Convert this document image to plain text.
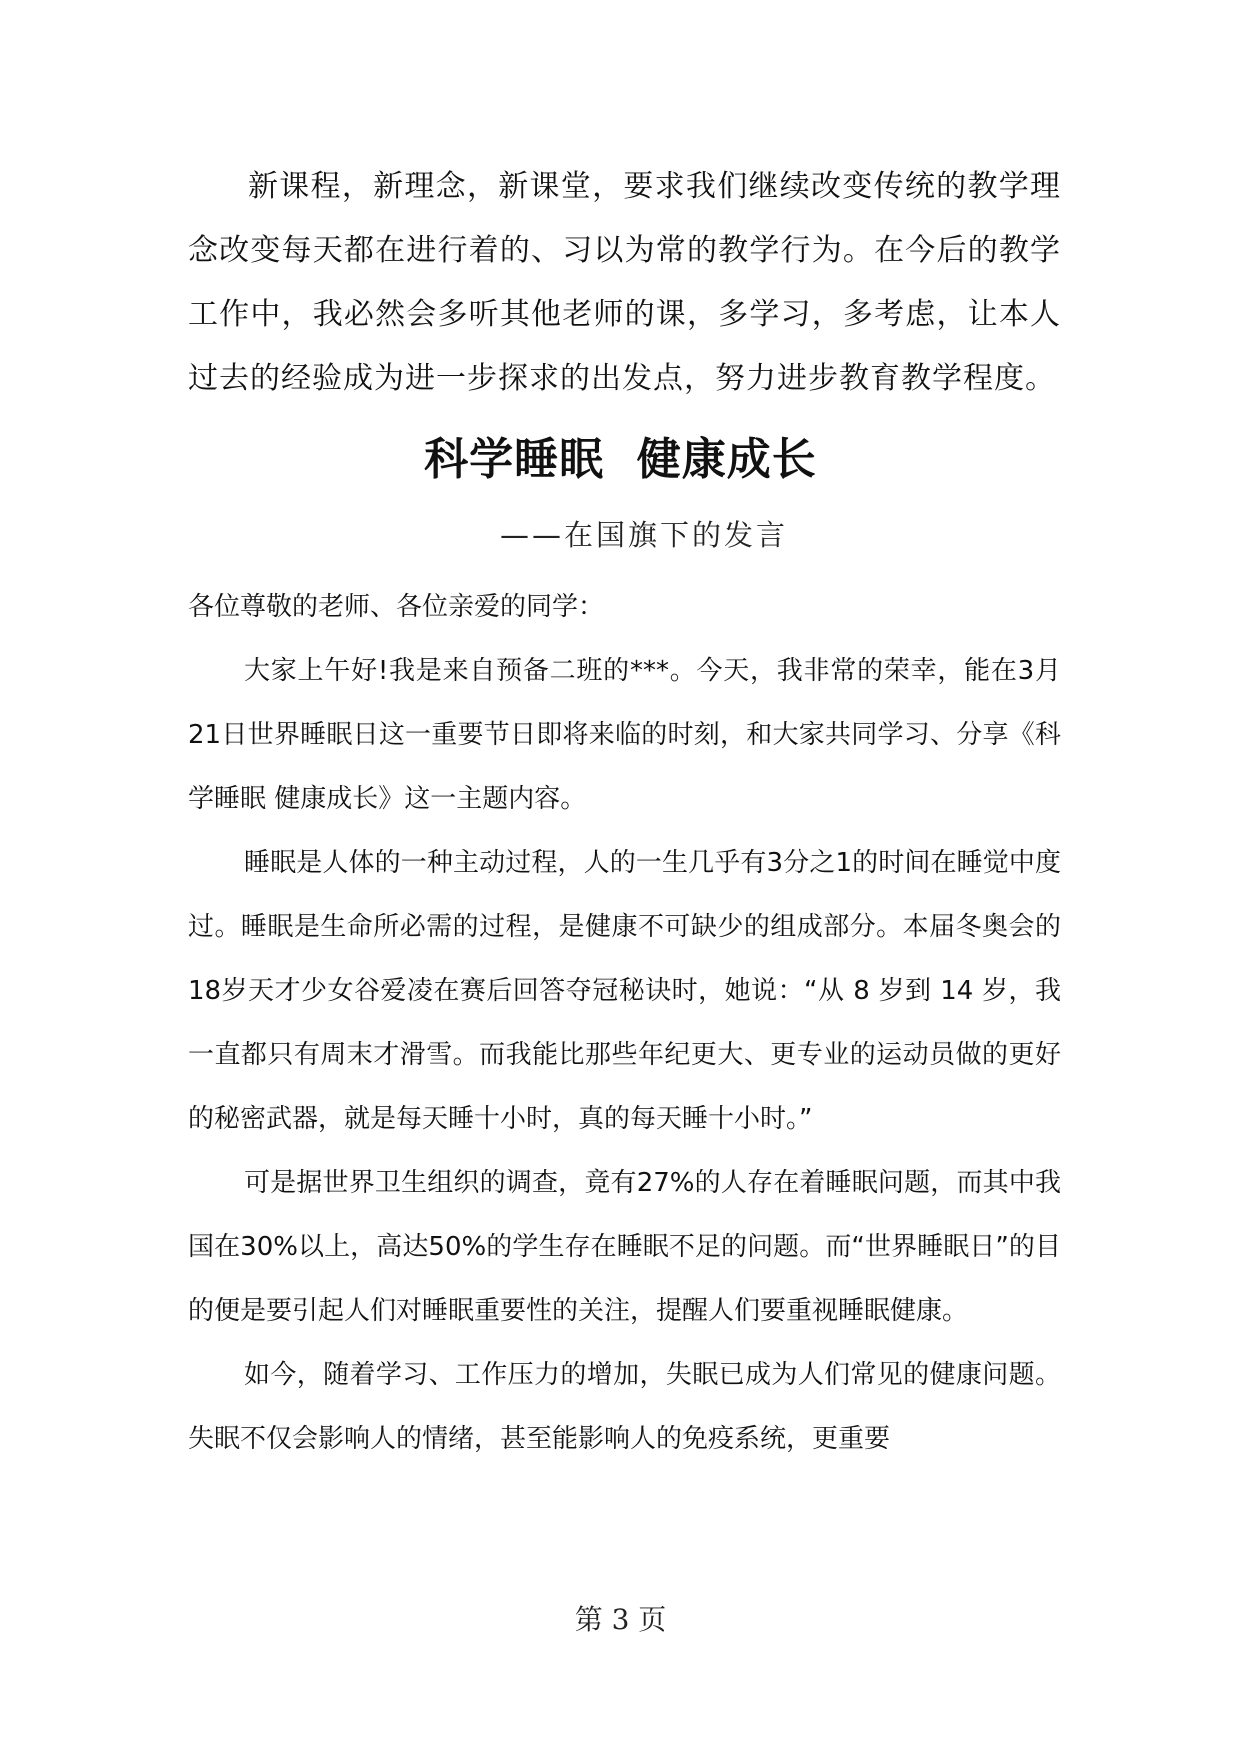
新课程，新理念，新课堂，要求我们继续改变传统的教学理念改变每天都在进行着的、习以为常的教学行为。在今后的教学工作中，我必然会多听其他老师的课，多学习，多考虑，让本人过去的经验成为进一步探求的出发点，努力进步教育教学程度。

科学睡眠  健康成长
——在国旗下的发言

各位尊敬的老师、各位亲爱的同学：

大家上午好!我是来自预备二班的***。今天，我非常的荣幸，能在3月21日世界睡眠日这一重要节日即将来临的时刻，和大家共同学习、分享《科学睡眠 健康成长》这一主题内容。

睡眠是人体的一种主动过程，人的一生几乎有3分之1的时间在睡觉中度过。睡眠是生命所必需的过程，是健康不可缺少的组成部分。本届冬奥会的18岁天才少女谷爱凌在赛后回答夺冠秘诀时，她说：“从 8 岁到 14 岁，我一直都只有周末才滑雪。而我能比那些年纪更大、更专业的运动员做的更好的秘密武器，就是每天睡十小时，真的每天睡十小时。”

可是据世界卫生组织的调查，竟有27%的人存在着睡眠问题，而其中我国在30%以上，高达50%的学生存在睡眠不足的问题。而“世界睡眠日”的目的便是要引起人们对睡眠重要性的关注，提醒人们要重视睡眠健康。

如今，随着学习、工作压力的增加，失眠已成为人们常见的健康问题。失眠不仅会影响人的情绪，甚至能影响人的免疫系统，更重要

第 3 页
